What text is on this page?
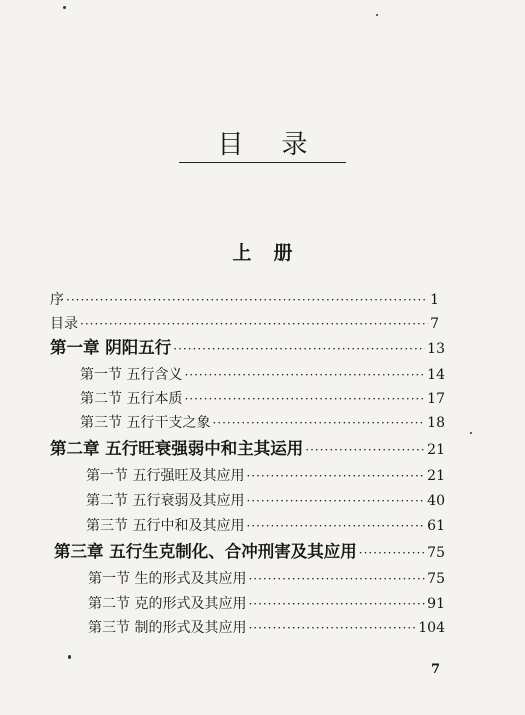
目录
上册
序 ·····	1
目录 ·····	7
第一章 阴阳五行 ·····	13
第一节 五行含义 ·····	14
第二节 五行本质 ·····	17
第三节 五行干支之象 ·····	18
第二章 五行旺衰强弱中和主其运用 ·····	21
第一节 五行强旺及其应用 ·····	21
第二节 五行衰弱及其应用 ·····	40
第三节 五行中和及其应用 ·····	61
第三章 五行生克制化、合冲刑害及其应用 ·····	75
第一节 生的形式及其应用 ·····	75
第二节 克的形式及其应用 ·····	91
第三节 制的形式及其应用 ·····	104
7
